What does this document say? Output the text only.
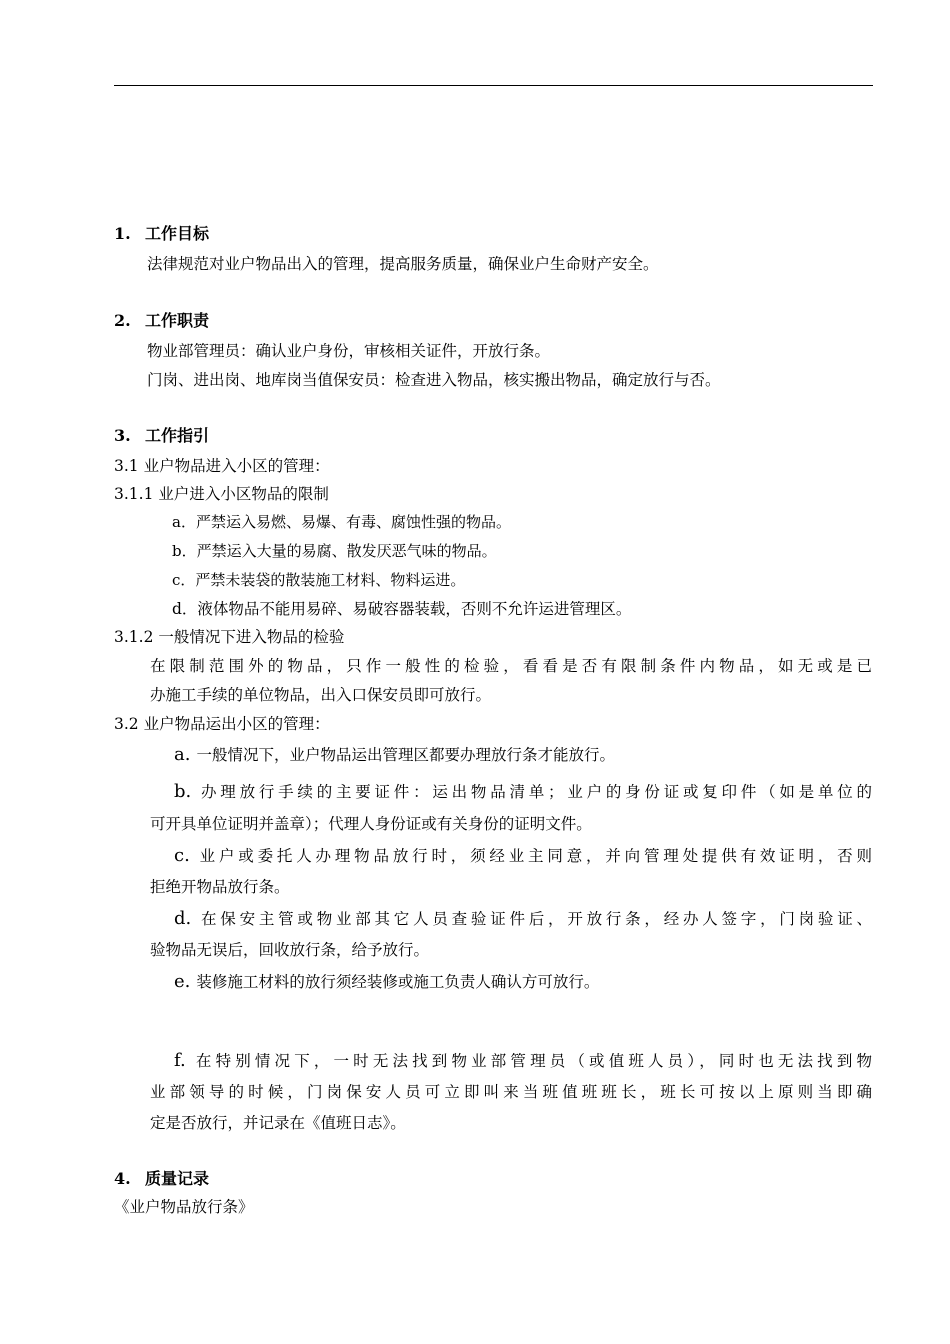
1. 工作目标
法律规范对业户物品出入的管理，提高服务质量，确保业户生命财产安全。
2. 工作职责
物业部管理员：确认业户身份，审核相关证件，开放行条。
门岗、进出岗、地库岗当值保安员：检查进入物品，核实搬出物品，确定放行与否。
3. 工作指引
3.1 业户物品进入小区的管理：
3.1.1 业户进入小区物品的限制
a．严禁运入易燃、易爆、有毒、腐蚀性强的物品。
b．严禁运入大量的易腐、散发厌恶气味的物品。
c．严禁未装袋的散装施工材料、物料运进。
d．液体物品不能用易碎、易破容器装载，否则不允许运进管理区。
3.1.2 一般情况下进入物品的检验
在限制范围外的物品，只作一般性的检验，看看是否有限制条件内物品，如无或是已
办施工手续的单位物品，出入口保安员即可放行。
3.2 业户物品运出小区的管理：
a. 一般情况下，业户物品运出管理区都要办理放行条才能放行。
b. 办理放行手续的主要证件：运出物品清单；业户的身份证或复印件（如是单位的
可开具单位证明并盖章）；代理人身份证或有关身份的证明文件。
c. 业户或委托人办理物品放行时，须经业主同意，并向管理处提供有效证明，否则
拒绝开物品放行条。
d. 在保安主管或物业部其它人员查验证件后，开放行条，经办人签字，门岗验证、
验物品无误后，回收放行条，给予放行。
e. 装修施工材料的放行须经装修或施工负责人确认方可放行。
f. 在特别情况下，一时无法找到物业部管理员（或值班人员），同时也无法找到物
业部领导的时候，门岗保安人员可立即叫来当班值班班长，班长可按以上原则当即确
定是否放行，并记录在《值班日志》。
4. 质量记录
《业户物品放行条》
